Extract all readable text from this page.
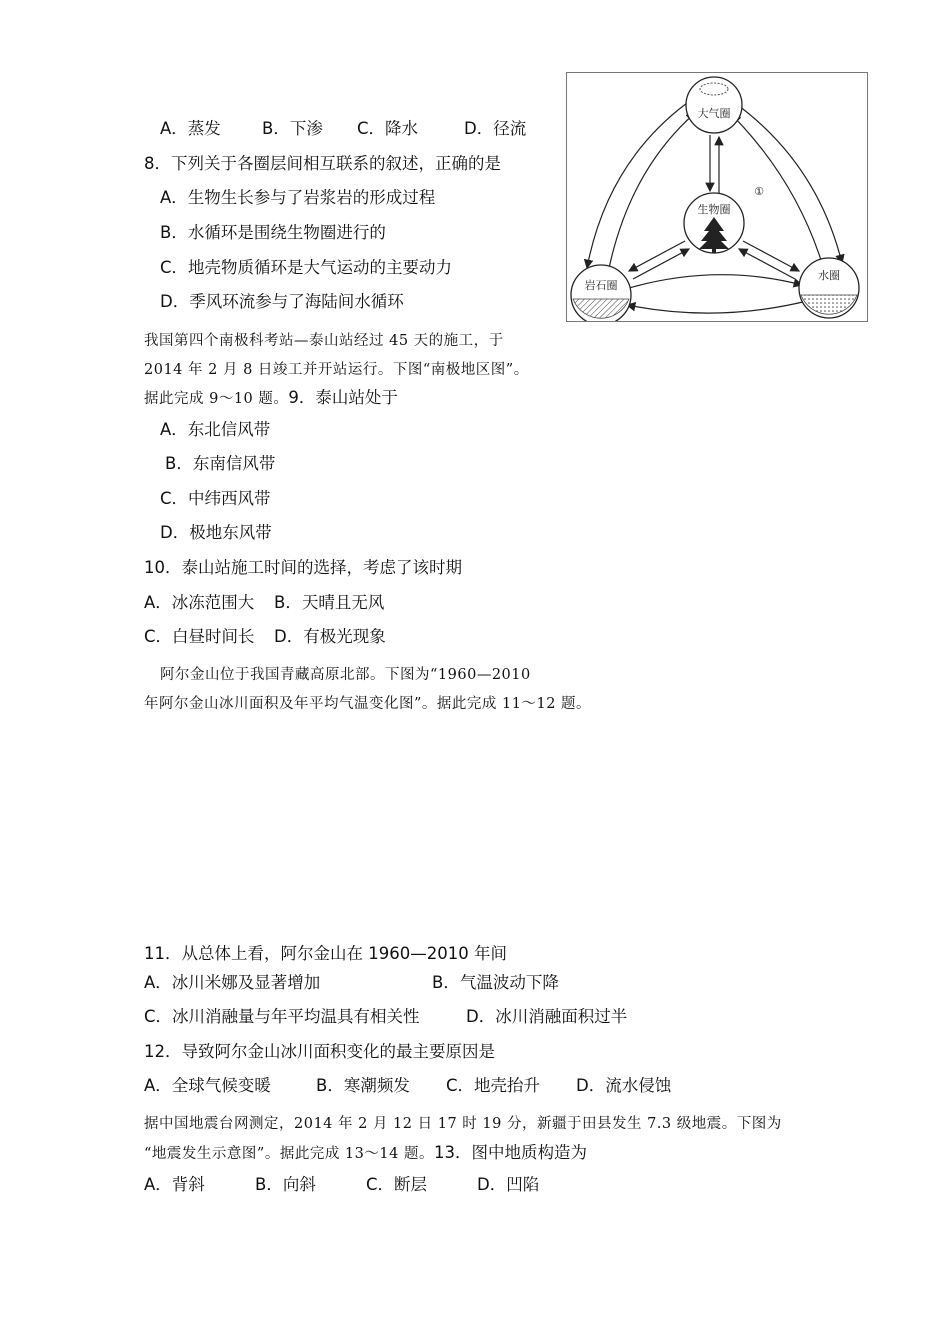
A．蒸发 B．下渗 C．降水	D．径流
8．下列关于各圈层间相互联系的叙述，正确的是
A．生物生长参与了岩浆岩的形成过程
B．水循环是围绕生物圈进行的
C．地壳物质循环是大气运动的主要动力
D．季风环流参与了海陆间水循环
大气圈
①
生物圈
岩石圈
水圈
我国第四个南极科考站—泰山站经过 45 天的施工，于
2014 年 2 月 8 日竣工并开站运行。下图“南极地区图”。
据此完成 9～10 题。9．泰山站处于
A．东北信风带
B．东南信风带
C．中纬西风带
D．极地东风带
10．泰山站施工时间的选择，考虑了该时期
A．冰冻范围大 B．天晴且无风
C．白昼时间长 D．有极光现象
阿尔金山位于我国青藏高原北部。下图为“1960—2010
年阿尔金山冰川面积及年平均气温变化图”。据此完成 11～12 题。
11．从总体上看，阿尔金山在 1960—2010 年间
A．冰川米娜及显著增加	B．气温波动下降
C．冰川消融量与年平均温具有相关性	D．冰川消融面积过半
12．导致阿尔金山冰川面积变化的最主要原因是
A．全球气候变暖	B．寒潮频发 C．地壳抬升 D．流水侵蚀
据中国地震台网测定，2014 年 2 月 12 日 17 时 19 分，新疆于田县发生 7.3 级地震。下图为
“地震发生示意图”。据此完成 13～14 题。13．图中地质构造为
A．背斜	B．向斜	C．断层	D．凹陷
